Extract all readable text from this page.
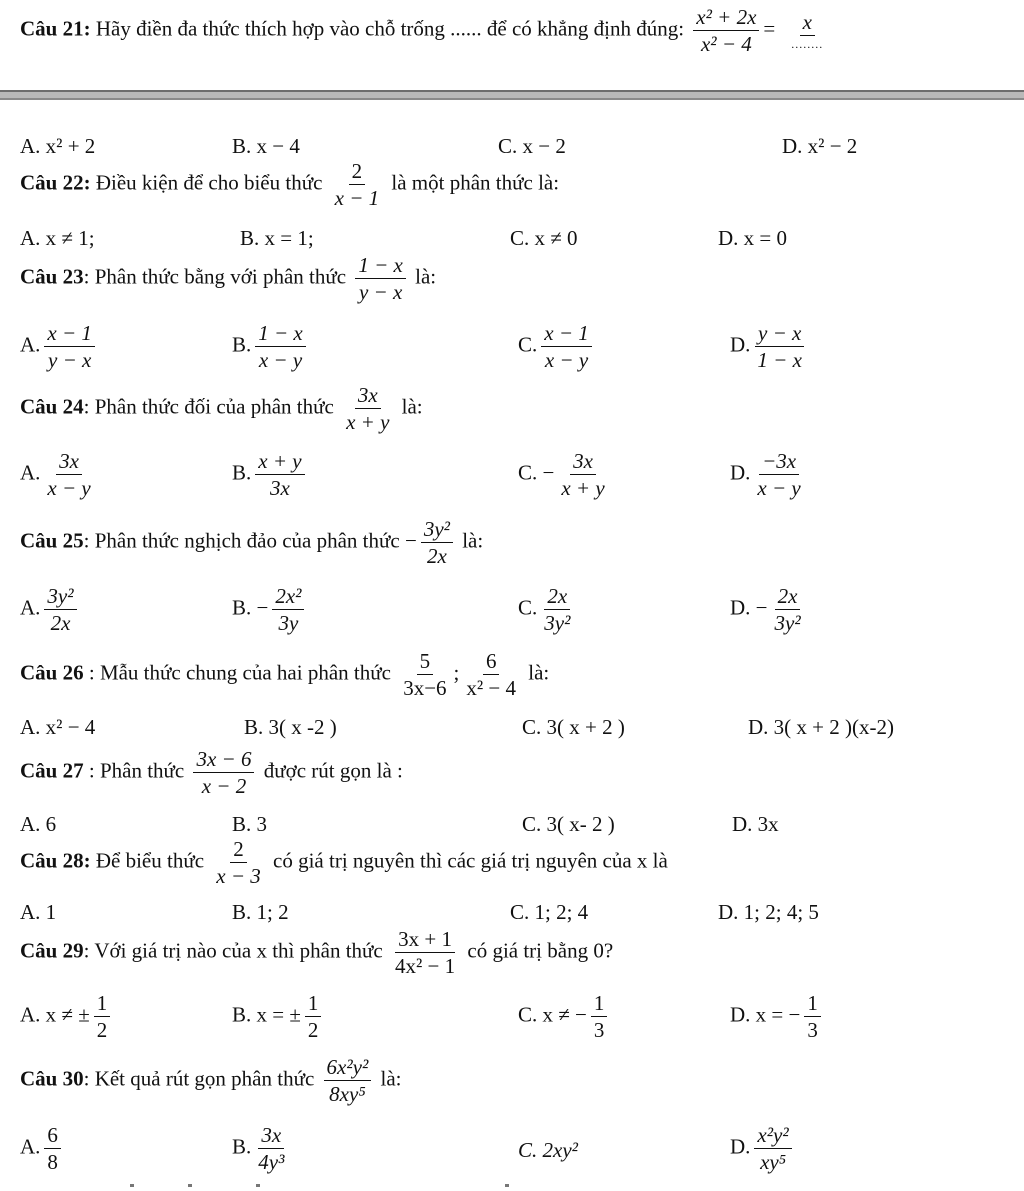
Câu 21: Hãy điền đa thức thích hợp vào chỗ trống ...... để có khẳng định đúng: $\frac{\text{x² + 2x}}{\text{x² − 4}} = \frac{x}{........}$
A. x² + 2	B. x − 4	C. x − 2	D. x² − 2
Câu 22: Điều kiện để cho biểu thức $\frac{2}{x - 1}$ là một phân thức là:
A. x ≠ 1;	B. x = 1;	C. x ≠ 0	D. x = 0
Câu 23: Phân thức bằng với phân thức $\frac{1 - x}{y - x}$ là:
A. $\frac{x - 1}{y - x}$	B. $\frac{1 - x}{x - y}$	C. $\frac{x - 1}{x - y}$	D. $\frac{y - x}{1 - x}$
Câu 24: Phân thức đối của phân thức $\frac{3x}{x + y}$ là:
A. $\frac{3x}{x - y}$	B. $\frac{x + y}{3x}$	C. − $\frac{3x}{x + y}$	D. $\frac{-3x}{x - y}$
Câu 25: Phân thức nghịch đảo của phân thức − $\frac{\text{3y²}}{2x}$ là:
A. $\frac{\text{3y²}}{2x}$	B. − $\frac{\text{2x²}}{3y}$	C. $\frac{2x}{\text{3y²}}$	D. − $\frac{2x}{\text{3y²}}$
Câu 26 : Mẫu thức chung của hai phân thức $\frac{5}{3x-6}$ ; $\frac{6}{\text{x² − 4}}$ là:
A. x² − 4	B. 3( x -2 )	C. 3( x + 2 )	D. 3( x + 2 )(x-2)
Câu 27 : Phân thức $\frac{3x - 6}{x - 2}$ được rút gọn là :
A. 6	B. 3	C. 3( x- 2 )	D. 3x
Câu 28: Để biểu thức $\frac{2}{x - 3}$ có giá trị nguyên thì các giá trị nguyên của x là
A. 1	B. 1; 2	C. 1; 2; 4	D. 1; 2; 4; 5
Câu 29: Với giá trị nào của x thì phân thức $\frac{3x + 1}{\text{4x² − 1}}$ có giá trị bằng 0?
A. x ≠ ± $\frac{1}{2}$	B. x = ± $\frac{1}{2}$	C. x ≠ − $\frac{1}{3}$	D. x = − $\frac{1}{3}$
Câu 30: Kết quả rút gọn phân thức $\frac{\text{6x²y²}}{\text{8xy⁵}}$ là:
A. $\frac{6}{8}$	B. $\frac{3x}{\text{4y³}}$	C. 2xy²	D. $\frac{\text{x²y²}}{\text{xy⁵}}$
